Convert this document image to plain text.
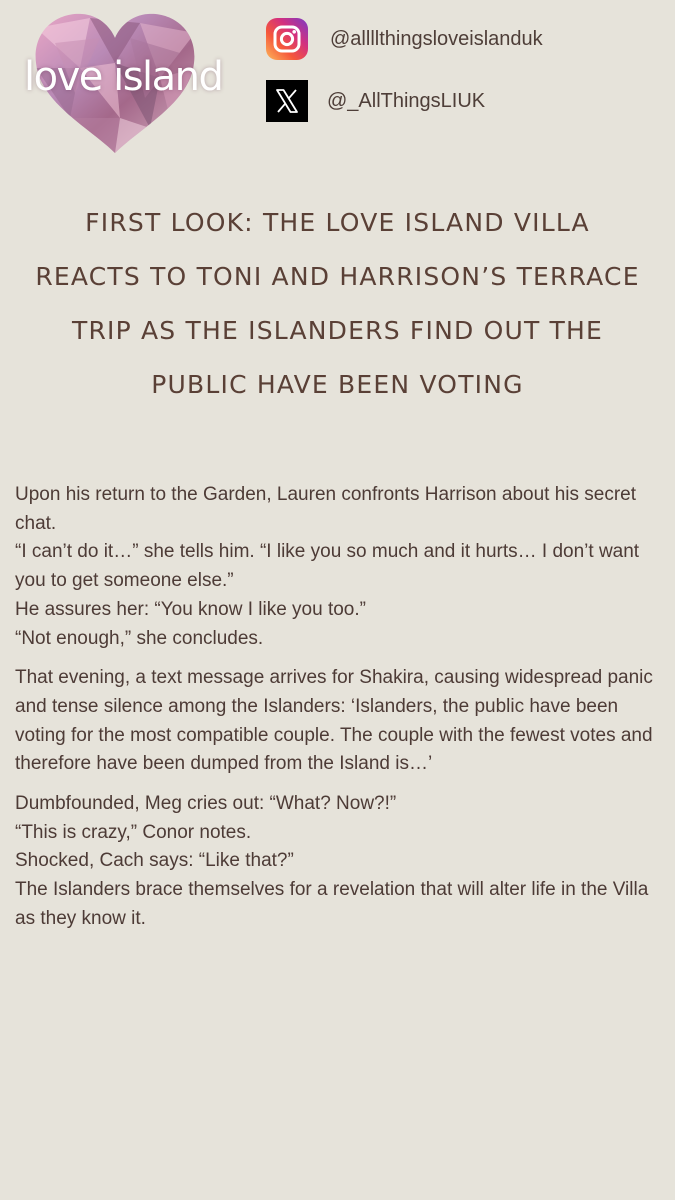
love island
@allllthingsloveislanduk
@_AllThingsLIUK
FIRST LOOK: THE LOVE ISLAND VILLA REACTS TO TONI AND HARRISON’S TERRACE TRIP AS THE ISLANDERS FIND OUT THE PUBLIC HAVE BEEN VOTING

Upon his return to the Garden, Lauren confronts Harrison about his secret chat.

“I can’t do it…” she tells him. “I like you so much and it hurts… I don’t want you to get someone else.”

He assures her: “You know I like you too.”

“Not enough,” she concludes.

That evening, a text message arrives for Shakira, causing widespread panic and tense silence among the Islanders: ‘Islanders, the public have been voting for the most compatible couple. The couple with the fewest votes and therefore have been dumped from the Island is…’

Dumbfounded, Meg cries out: “What? Now?!”

“This is crazy,” Conor notes.

Shocked, Cach says: “Like that?”

The Islanders brace themselves for a revelation that will alter life in the Villa as they know it.
